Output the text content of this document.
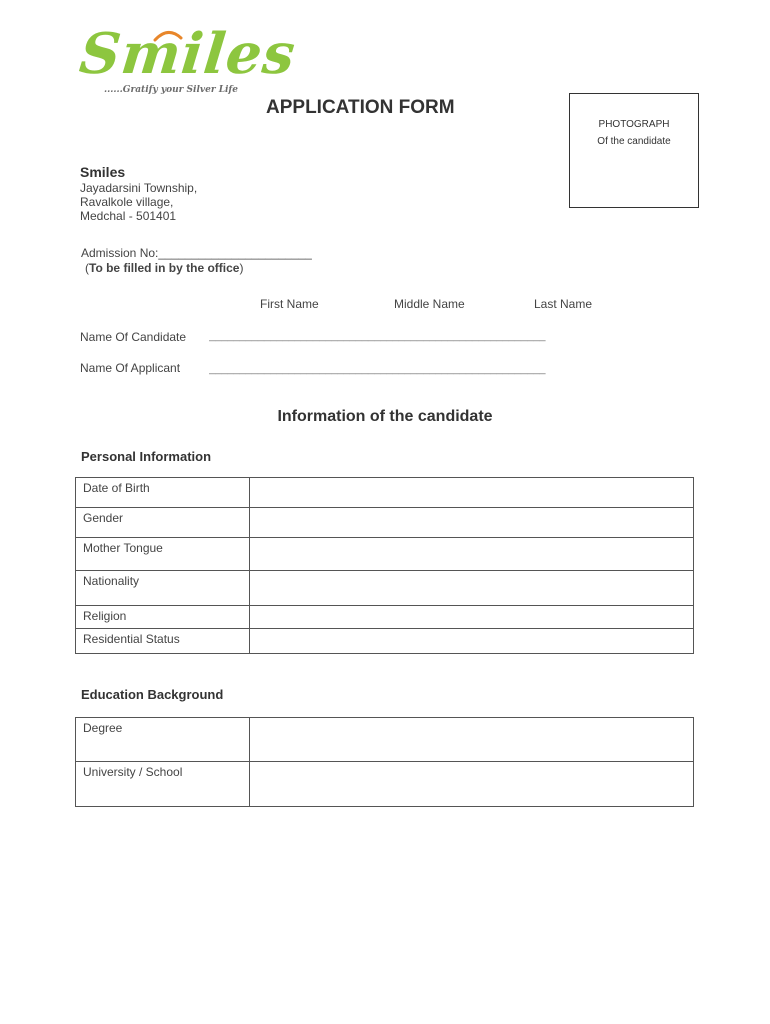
Smiles
......Gratify your Silver Life
APPLICATION FORM
PHOTOGRAPH
Of the candidate
Smiles
Jayadarsini Township,
Ravalkole village,
Medchal - 501401
Admission No:_______________________
(To be filled in by the office)
First Name	Middle Name	Last Name
Name Of Candidate _______________________________________________________
Name Of Applicant	_______________________________________________________
Information of the candidate
Personal Information
Date of Birth	
Gender	
Mother Tongue	
Nationality	
Religion	
Residential Status	
Education Background
Degree	
University / School	
